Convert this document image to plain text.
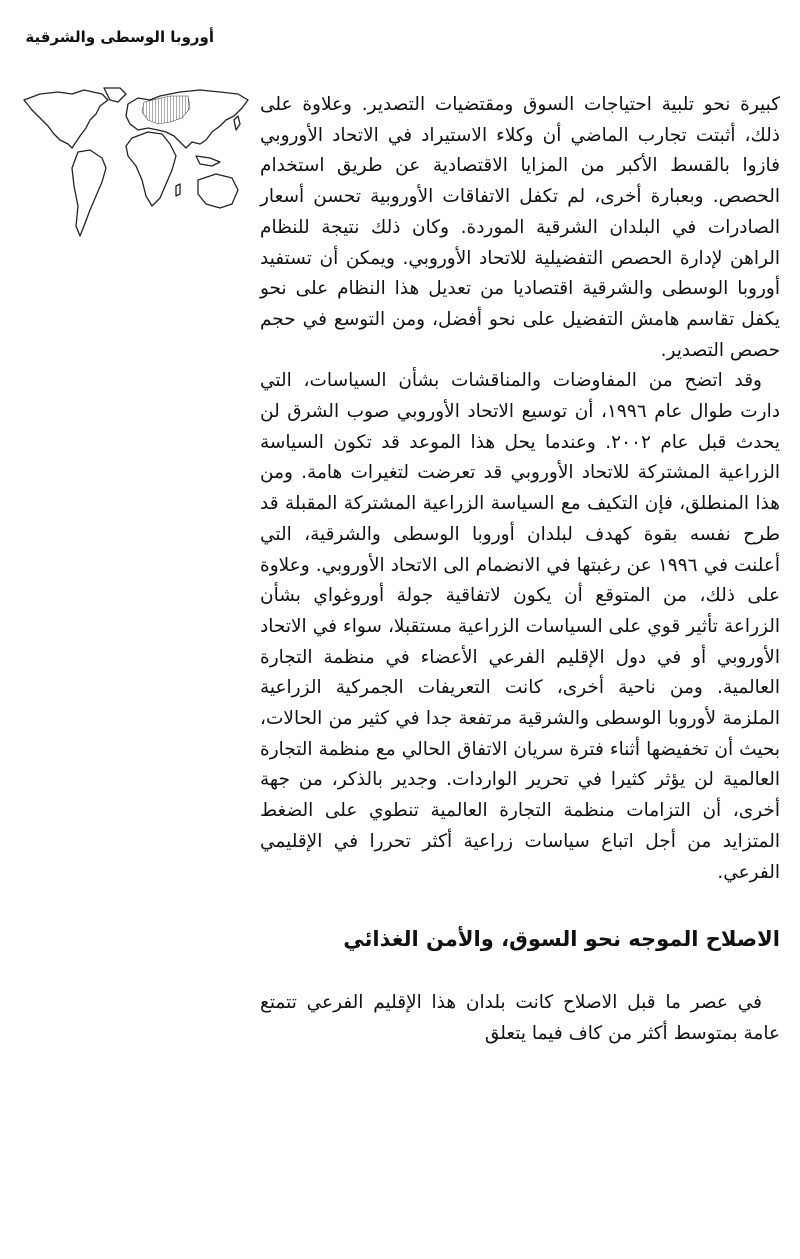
أوروبا الوسطى والشرقية

كبيرة نحو تلبية احتياجات السوق ومقتضيات التصدير. وعلاوة على ذلك، أثبتت تجارب الماضي أن وكلاء الاستيراد في الاتحاد الأوروبي فازوا بالقسط الأكبر من المزايا الاقتصادية عن طريق استخدام الحصص. وبعبارة أخرى، لم تكفل الاتفاقات الأوروبية تحسن أسعار الصادرات في البلدان الشرقية الموردة. وكان ذلك نتيجة للنظام الراهن لإدارة الحصص التفضيلية للاتحاد الأوروبي. ويمكن أن تستفيد أوروبا الوسطى والشرقية اقتصاديا من تعديل هذا النظام على نحو يكفل تقاسم هامش التفضيل على نحو أفضل، ومن التوسع في حجم حصص التصدير.

وقد اتضح من المفاوضات والمناقشات بشأن السياسات، التي دارت طوال عام ١٩٩٦، أن توسيع الاتحاد الأوروبي صوب الشرق لن يحدث قبل عام ٢٠٠٢. وعندما يحل هذا الموعد قد تكون السياسة الزراعية المشتركة للاتحاد الأوروبي قد تعرضت لتغيرات هامة. ومن هذا المنطلق، فإن التكيف مع السياسة الزراعية المشتركة المقبلة قد طرح نفسه بقوة كهدف لبلدان أوروبا الوسطى والشرقية، التي أعلنت في ١٩٩٦ عن رغبتها في الانضمام الى الاتحاد الأوروبي. وعلاوة على ذلك، من المتوقع أن يكون لاتفاقية جولة أوروغواي بشأن الزراعة تأثير قوي على السياسات الزراعية مستقبلا، سواء في الاتحاد الأوروبي أو في دول الإقليم الفرعي الأعضاء في منظمة التجارة العالمية. ومن ناحية أخرى، كانت التعريفات الجمركية الزراعية الملزمة لأوروبا الوسطى والشرقية مرتفعة جدا في كثير من الحالات، بحيث أن تخفيضها أثناء فترة سريان الاتفاق الحالي مع منظمة التجارة العالمية لن يؤثر كثيرا في تحرير الواردات. وجدير بالذكر، من جهة أخرى، أن التزامات منظمة التجارة العالمية تنطوي على الضغط المتزايد من أجل اتباع سياسات زراعية أكثر تحررا في الإقليمي الفرعي.

الاصلاح الموجه نحو السوق، والأمن الغذائي

في عصر ما قبل الاصلاح كانت بلدان هذا الإقليم الفرعي تتمتع عامة بمتوسط أكثر من كاف فيما يتعلق
